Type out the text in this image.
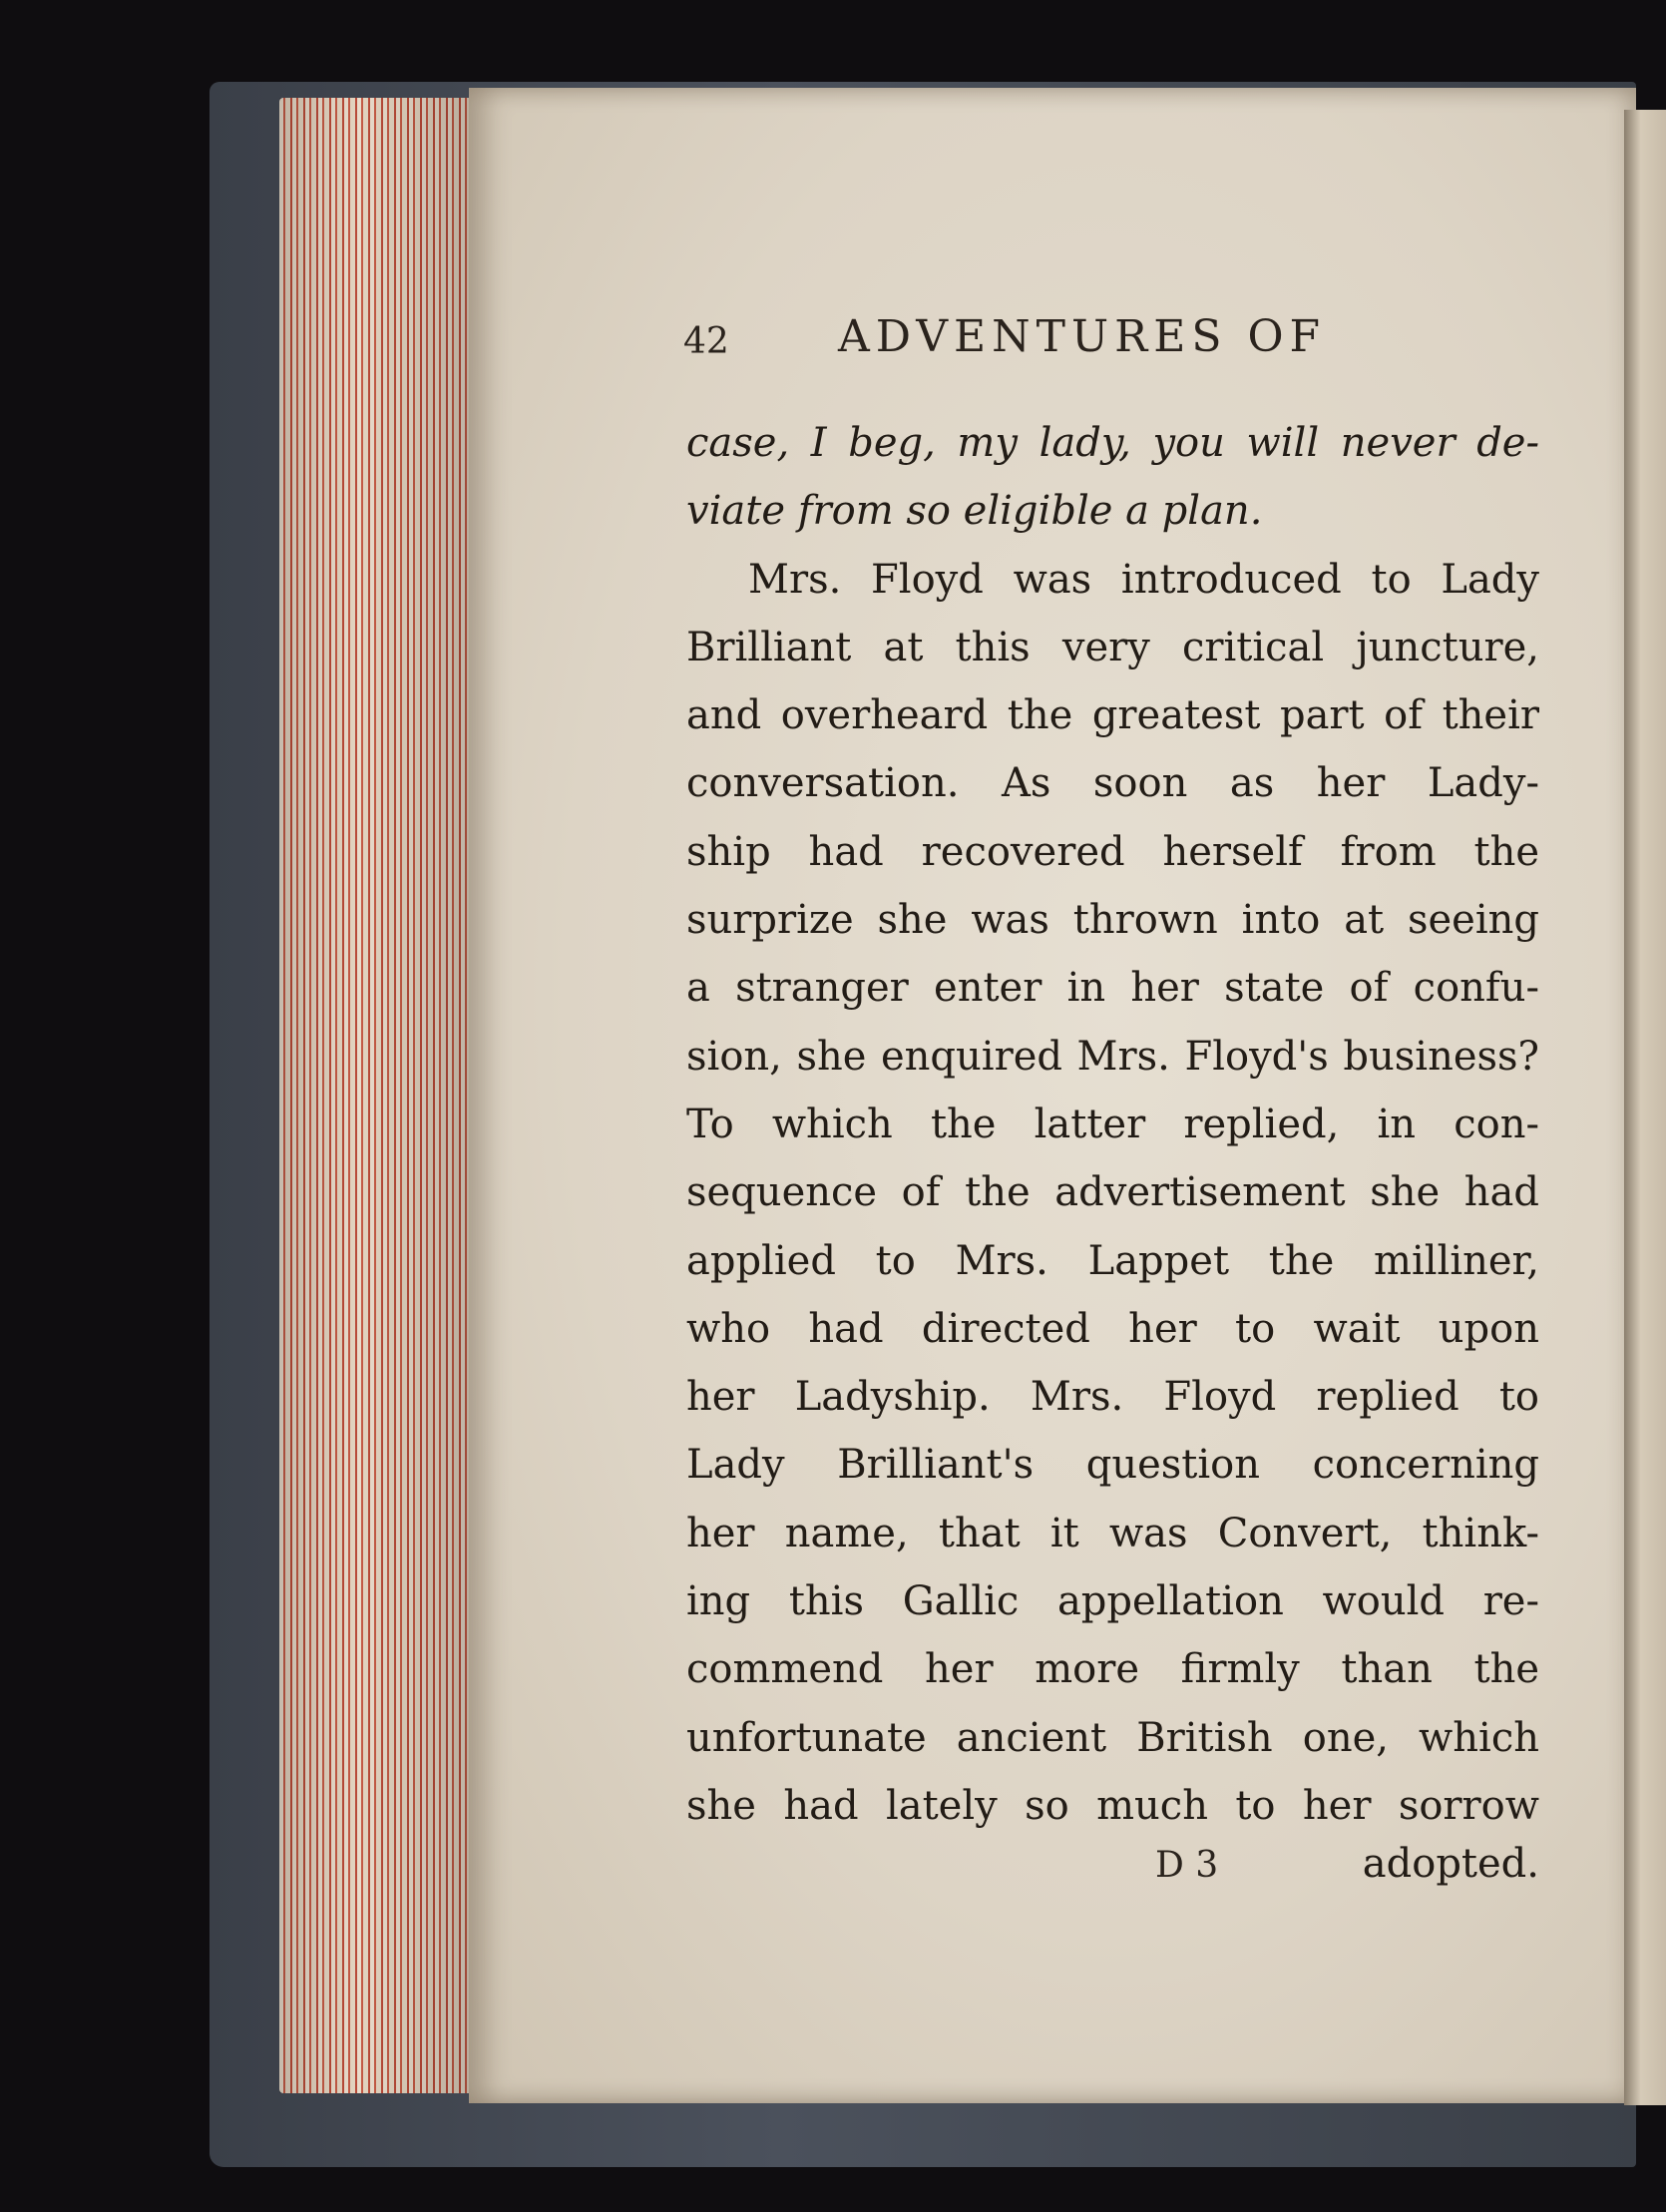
42 ADVENTURES OF
case, I beg, my lady, you will never de-
viate from so eligible a plan.
Mrs. Floyd was introduced to Lady
Brilliant at this very critical juncture,
and overheard the greatest part of their
conversation. As soon as her Lady-
ship had recovered herself from the
surprize she was thrown into at seeing
a stranger enter in her state of confu-
sion, she enquired Mrs. Floyd's business?
To which the latter replied, in con-
sequence of the advertisement she had
applied to Mrs. Lappet the milliner,
who had directed her to wait upon
her Ladyship. Mrs. Floyd replied to
Lady Brilliant's question concerning
her name, that it was Convert, think-
ing this Gallic appellation would re-
commend her more firmly than the
unfortunate ancient British one, which
she had lately so much to her sorrow
D 3	adopted.
